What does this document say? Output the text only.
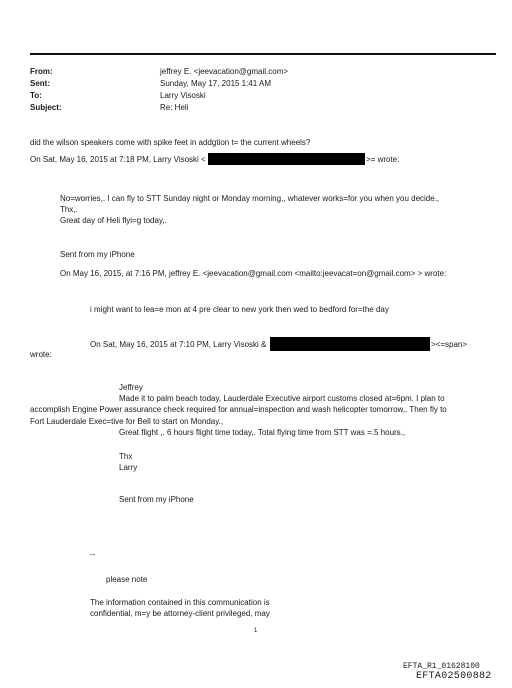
From:	jeffrey E. <jeevacation@gmail.com>
Sent:	Sunday, May 17, 2015 1:41 AM
To:	Larry Visoski
Subject:	Re: Heli
did the wilson speakers come with spike feet in addgtion t= the current wheels?
On Sat, May 16, 2015 at 7:18 PM, Larry Visoski <	>= wrote:
No=worries,. I can fly to STT Sunday night or Monday morning,, whatever works=for you when you decide.,
Thx,.
Great day of Heli flyi=g today,.
Sent from my iPhone
On May 16, 2015, at 7:16 PM, jeffrey E. <jeevacation@gmail.com <mailto:jeevacat=on@gmail.com> > wrote:
i might want to lea=e mon at 4 pre clear to new york then wed to bedford for=the day
On Sat, May 16, 2015 at 7:10 PM, Larry Visoski &	><=span>
wrote:
Jeffrey
Made it to palm beach today, Lauderdale Executive airport customs closed at=6pm. I plan to
accomplish Engine Power assurance check required for annual=inspection and wash helicopter tomorrow,. Then fly to
Fort Lauderdale Exec=tive for Bell to start on Monday.,
Great flight ,. 6 hours flight time today,. Total flying time from STT was =.5 hours.,
Thx
Larry
Sent from my iPhone
--
please note
The information contained in this communication is
confidential, m=y be attorney-client privileged, may
1
EFTA_R1_01628100
EFTA02500882
